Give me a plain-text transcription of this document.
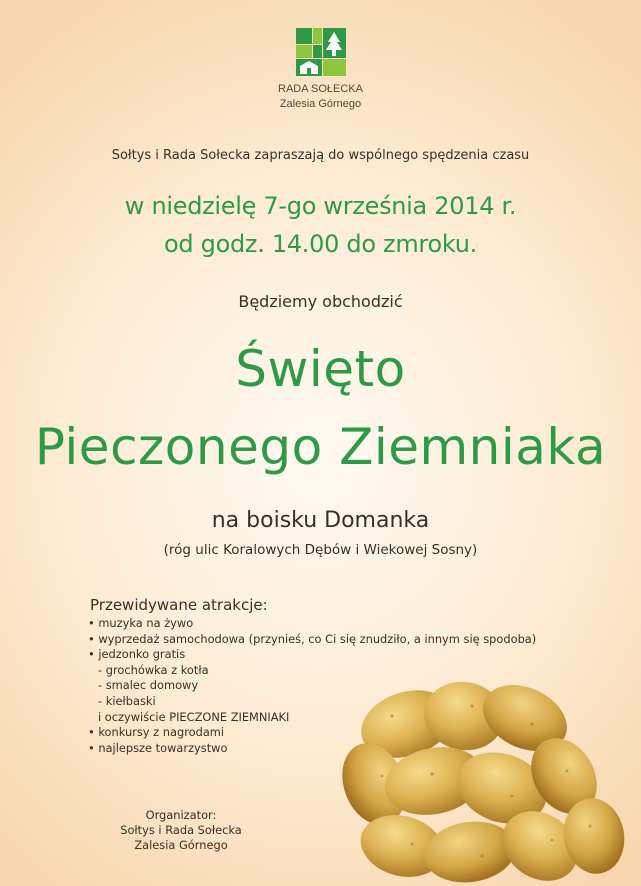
RADA SOŁECKA
Zalesia Górnego
Sołtys i Rada Sołecka zapraszają do wspólnego spędzenia czasu
w niedzielę 7-go września 2014 r.
od godz. 14.00 do zmroku.
Będziemy obchodzić
Święto
Pieczonego Ziemniaka
na boisku Domanka
(róg ulic Koralowych Dębów i Wiekowej Sosny)
Przewidywane atrakcje:
• muzyka na żywo
• wyprzedaż samochodowa (przynieś, co Ci się znudziło, a innym się spodoba)
• jedzonko gratis
- grochówka z kotła
- smalec domowy
- kiełbaski
i oczywiście PIECZONE ZIEMNIAKI
• konkursy z nagrodami
• najlepsze towarzystwo
Organizator:
Sołtys i Rada Sołecka
Zalesia Górnego
